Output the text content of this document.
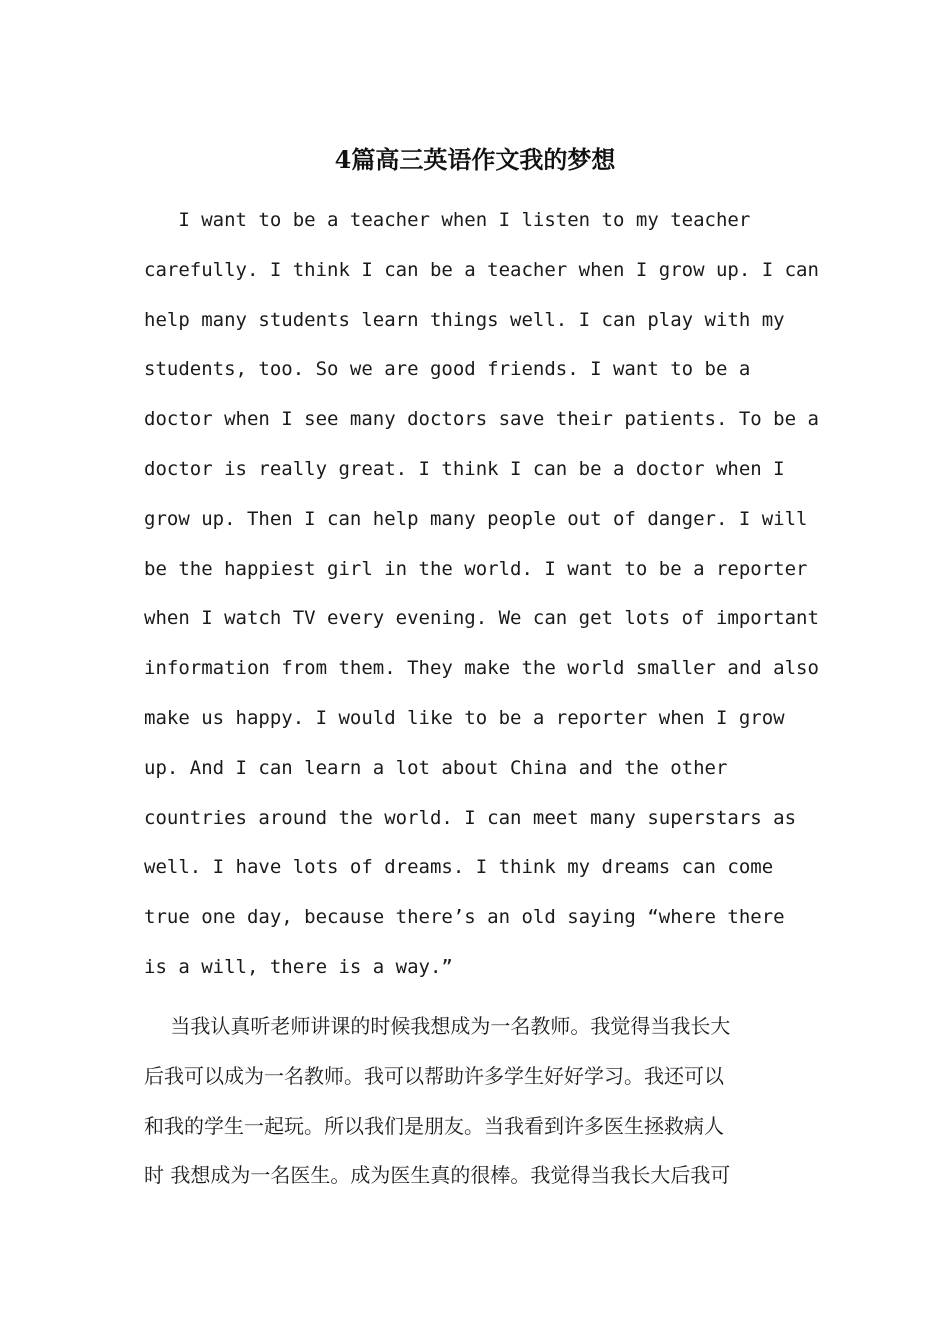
4篇高三英语作文我的梦想
I want to be a teacher when I listen to my teacher
carefully. I think I can be a teacher when I grow up. I can
help many students learn things well. I can play with my
students, too. So we are good friends. I want to be a
doctor when I see many doctors save their patients. To be a
doctor is really great. I think I can be a doctor when I
grow up. Then I can help many people out of danger. I will
be the happiest girl in the world. I want to be a reporter
when I watch TV every evening. We can get lots of important
information from them. They make the world smaller and also
make us happy. I would like to be a reporter when I grow
up. And I can learn a lot about China and the other
countries around the world. I can meet many superstars as
well. I have lots of dreams. I think my dreams can come
true one day, because there’s an old saying “where there
is a will, there is a way.”
　 当我认真听老师讲课的时候我想成为一名教师。我觉得当我长大
后我可以成为一名教师。我可以帮助许多学生好好学习。我还可以
和我的学生一起玩。所以我们是朋友。当我看到许多医生拯救病人
时 我想成为一名医生。成为医生真的很棒。我觉得当我长大后我可
